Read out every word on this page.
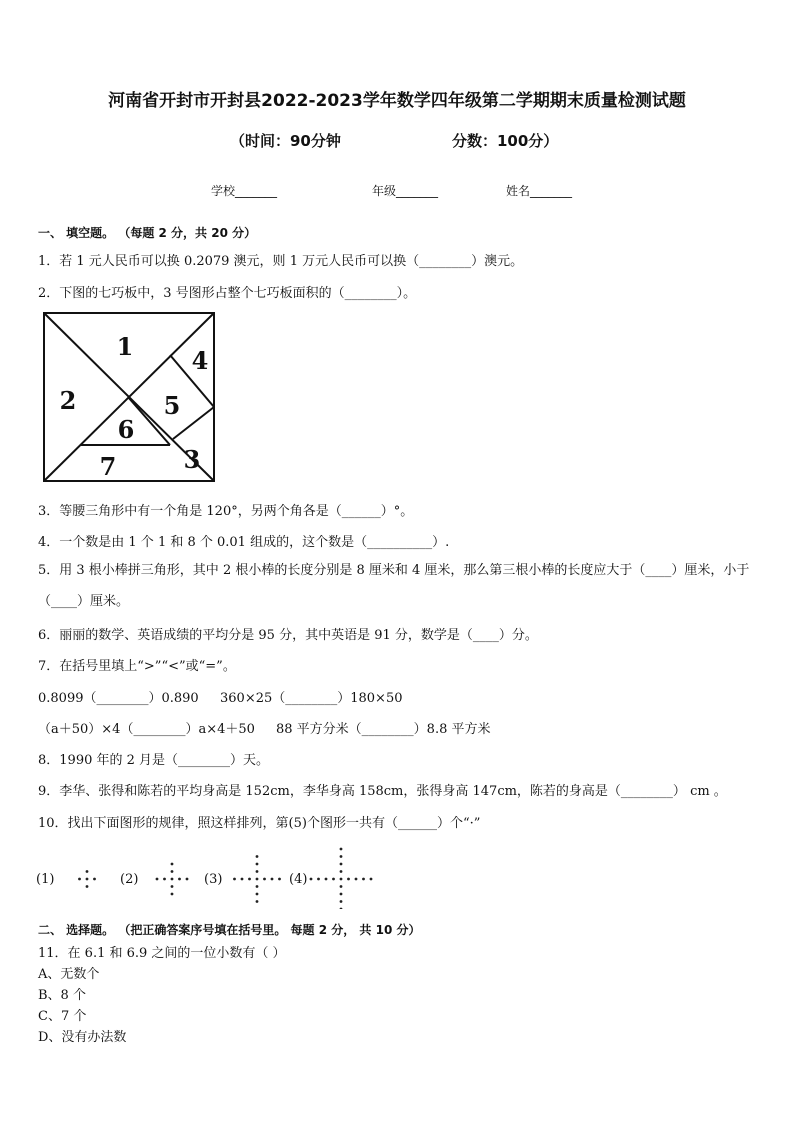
河南省开封市开封县2022-2023学年数学四年级第二学期期末质量检测试题
（时间：90分钟	分数：100分）
学校_______	年级_______	姓名_______
一、 填空题。 （每题 2 分，共 20 分）
1．若 1 元人民币可以换 0.2079 澳元，则 1 万元人民币可以换（________）澳元。
2．下图的七巧板中，3 号图形占整个七巧板面积的（________）。
1
2
3
4
5
6
7
3．等腰三角形中有一个角是 120°，另两个角各是（______）°。
4．一个数是由 1 个 1 和 8 个 0.01 组成的，这个数是（__________）.
5．用 3 根小棒拼三角形，其中 2 根小棒的长度分别是 8 厘米和 4 厘米，那么第三根小棒的长度应大于（____）厘米，小于（____）厘米。
6．丽丽的数学、英语成绩的平均分是 95 分，其中英语是 91 分，数学是（____）分。
7．在括号里填上“>”“<”或“=”。
0.8099（________）0.890 360×25（________）180×50
（a＋50）×4（________）a×4＋50 88 平方分米（________）8.8 平方米
8．1990 年的 2 月是（________）天。
9．李华、张得和陈若的平均身高是 152cm，李华身高 158cm，张得身高 147cm，陈若的身高是（________） cm 。
10．找出下面图形的规律，照这样排列，第(5)个图形一共有（______）个“·”
(1)	(2)	(3)	(4)
二、 选择题。 （把正确答案序号填在括号里。 每题 2 分， 共 10 分）
11．在 6.1 和 6.9 之间的一位小数有（ ）
A、无数个
B、8 个
C、7 个
D、没有办法数
